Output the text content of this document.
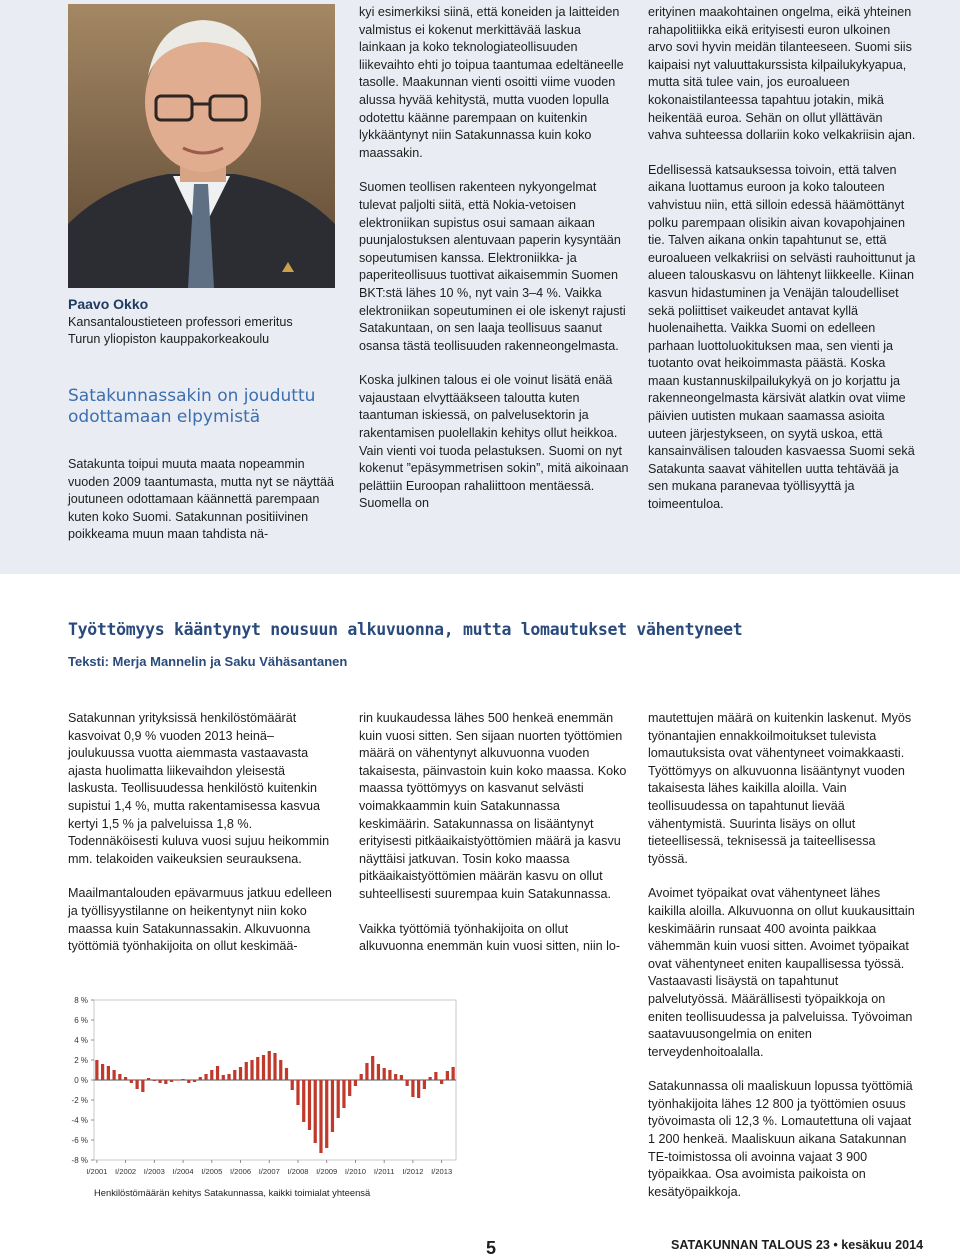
Paavo Okko
Kansantaloustieteen professori emeritus
Turun yliopiston kauppakorkeakoulu
Satakunnassakin on jouduttu
odottamaan elpymistä

Satakunta toipui muuta maata nopeammin vuoden 2009 taantumasta, mutta nyt se näyttää joutuneen odottamaan käännettä parempaan kuten koko Suomi. Satakunnan positiivinen poikkeama muun maan tahdista nä-

kyi esimerkiksi siinä, että koneiden ja laitteiden valmistus ei kokenut merkittävää laskua lainkaan ja koko teknologiateollisuuden liikevaihto ehti jo toipua taantumaa edeltäneelle tasolle. Maakunnan vienti osoitti viime vuoden alussa hyvää kehitystä, mutta vuoden lopulla odotettu käänne parempaan on kuitenkin lykkääntynyt niin Satakunnassa kuin koko maassakin.

Suomen teollisen rakenteen nykyongelmat tulevat paljolti siitä, että Nokia-vetoisen elektroniikan supistus osui samaan aikaan puunjalostuksen alentuvaan paperin kysyntään sopeutumisen kanssa. Elektroniikka- ja paperiteollisuus tuottivat aikaisemmin Suomen BKT:stä lähes 10 %, nyt vain 3–4 %. Vaikka elektroniikan sopeutuminen ei ole iskenyt rajusti Satakuntaan, on sen laaja teollisuus saanut osansa tästä teollisuuden rakenneongelmasta.

Koska julkinen talous ei ole voinut lisätä enää vajaustaan elvyttääkseen taloutta kuten taantuman iskiessä, on palvelusektorin ja rakentamisen puolellakin kehitys ollut heikkoa. Vain vienti voi tuoda pelastuksen. Suomi on nyt kokenut ”epäsymmetrisen sokin”, mitä aikoinaan pelättiin Euroopan rahaliittoon mentäessä. Suomella on

erityinen maakohtainen ongelma, eikä yhteinen rahapolitiikka eikä erityisesti euron ulkoinen arvo sovi hyvin meidän tilanteeseen. Suomi siis kaipaisi nyt valuuttakurssista kilpailukykyapua, mutta sitä tulee vain, jos euroalueen kokonaistilanteessa tapahtuu jotakin, mikä heikentää euroa. Sehän on ollut yllättävän vahva suhteessa dollariin koko velkakriisin ajan.

Edellisessä katsauksessa toivoin, että talven aikana luottamus euroon ja koko talouteen vahvistuu niin, että silloin edessä häämöttänyt polku parempaan olisikin aivan kovapohjainen tie. Talven aikana onkin tapahtunut se, että euroalueen velkakriisi on selvästi rauhoittunut ja alueen talouskasvu on lähtenyt liikkeelle. Kiinan kasvun hidastuminen ja Venäjän taloudelliset sekä poliittiset vaikeudet antavat kyllä huolenaihetta. Vaikka Suomi on edelleen parhaan luottoluokituksen maa, sen vienti ja tuotanto ovat heikoimmasta päästä. Koska maan kustannuskilpailukykyä on jo korjattu ja rakenneongelmasta kärsivät alatkin ovat viime päivien uutisten mukaan saamassa asioita uuteen järjestykseen, on syytä uskoa, että kansainvälisen talouden kasvaessa Suomi sekä Satakunta saavat vähitellen uutta tehtävää ja sen mukana paranevaa työllisyyttä ja toimeentuloa.

Työttömyys kääntynyt nousuun alkuvuonna, mutta lomautukset vähentyneet
Teksti: Merja Mannelin ja Saku Vähäsantanen

Satakunnan yrityksissä henkilöstömäärät kasvoivat 0,9 % vuoden 2013 heinä–joulukuussa vuotta aiemmasta vastaavasta ajasta huolimatta liikevaihdon yleisestä laskusta. Teollisuudessa henkilöstö kuitenkin supistui 1,4 %, mutta rakentamisessa kasvua kertyi 1,5 % ja palveluissa 1,8 %. Todennäköisesti kuluva vuosi sujuu heikommin mm. telakoiden vaikeuksien seurauksena.

Maailmantalouden epävarmuus jatkuu edelleen ja työllisyystilanne on heikentynyt niin koko maassa kuin Satakunnassakin. Alkuvuonna työttömiä työnhakijoita on ollut keskimää-

rin kuukaudessa lähes 500 henkeä enemmän kuin vuosi sitten. Sen sijaan nuorten työttömien määrä on vähentynyt alkuvuonna vuoden takaisesta, päinvastoin kuin koko maassa. Koko maassa työttömyys on kasvanut selvästi voimakkaammin kuin Satakunnassa keskimäärin. Satakunnassa on lisääntynyt erityisesti pitkäaikaistyöttömien määrä ja kasvu näyttäisi jatkuvan. Tosin koko maassa pitkäaikaistyöttömien määrän kasvu on ollut suhteellisesti suurempaa kuin Satakunnassa.

Vaikka työttömiä työnhakijoita on ollut alkuvuonna enemmän kuin vuosi sitten, niin lo-

mautettujen määrä on kuitenkin laskenut. Myös työnantajien ennakkoilmoitukset tulevista lomautuksista ovat vähentyneet voimakkaasti. Työttömyys on alkuvuonna lisääntynyt vuoden takaisesta lähes kaikilla aloilla. Vain teollisuudessa on tapahtunut lievää vähentymistä. Suurinta lisäys on ollut tieteellisessä, teknisessä ja taiteellisessa työssä.

Avoimet työpaikat ovat vähentyneet lähes kaikilla aloilla. Alkuvuonna on ollut kuukausittain keskimäärin runsaat 400 avointa paikkaa vähemmän kuin vuosi sitten. Avoimet työpaikat ovat vähentyneet eniten kaupallisessa työssä. Vastaavasti lisäystä on tapahtunut palvelutyössä. Määrällisesti työpaikkoja on eniten teollisuudessa ja palveluissa. Työvoiman saatavuusongelmia on eniten terveydenhoitoalalla.

Satakunnassa oli maaliskuun lopussa työttömiä työnhakijoita lähes 12 800 ja työttömien osuus työvoimasta oli 12,3 %. Lomautettuna oli vajaat 1 200 henkeä. Maaliskuun aikana Satakunnan TE-toimistossa oli avoinna vajaat 3 900 työpaikkaa. Osa avoimista paikoista on kesätyöpaikkoja.

8 %
6 %
4 %
2 %
0 %
-2 %
-4 %
-6 %
-8 %
I/2001 I/2002 I/2003 I/2004 I/2005 I/2006 I/2007 I/2008 I/2009 I/2010 I/2011 I/2012 I/2013
Henkilöstömäärän kehitys Satakunnassa, kaikki toimialat yhteensä
5	SATAKUNNAN TALOUS 23 • kesäkuu 2014
